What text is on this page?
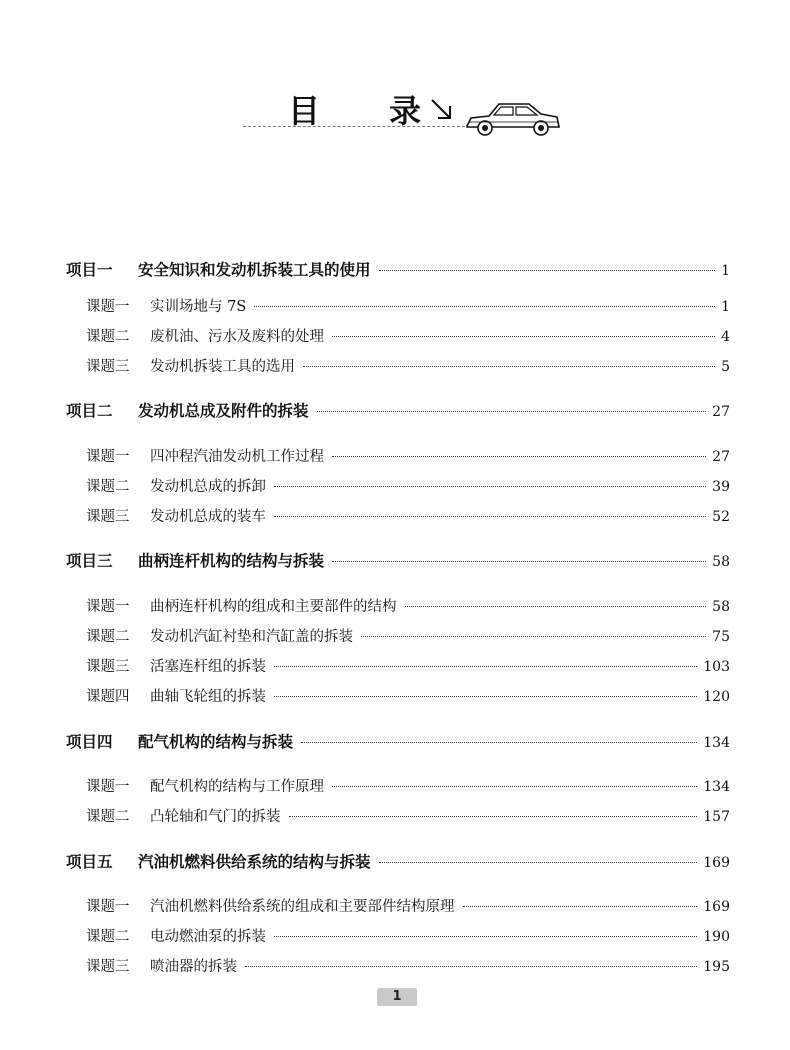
目 录
项目一	安全知识和发动机拆装工具的使用	1
课题一	实训场地与 7S	1
课题二	废机油、污水及废料的处理	4
课题三	发动机拆装工具的选用	5
项目二	发动机总成及附件的拆装	27
课题一	四冲程汽油发动机工作过程	27
课题二	发动机总成的拆卸	39
课题三	发动机总成的装车	52
项目三	曲柄连杆机构的结构与拆装	58
课题一	曲柄连杆机构的组成和主要部件的结构	58
课题二	发动机汽缸衬垫和汽缸盖的拆装	75
课题三	活塞连杆组的拆装	103
课题四	曲轴飞轮组的拆装	120
项目四	配气机构的结构与拆装	134
课题一	配气机构的结构与工作原理	134
课题二	凸轮轴和气门的拆装	157
项目五	汽油机燃料供给系统的结构与拆装	169
课题一	汽油机燃料供给系统的组成和主要部件结构原理	169
课题二	电动燃油泵的拆装	190
课题三	喷油器的拆装	195
1
